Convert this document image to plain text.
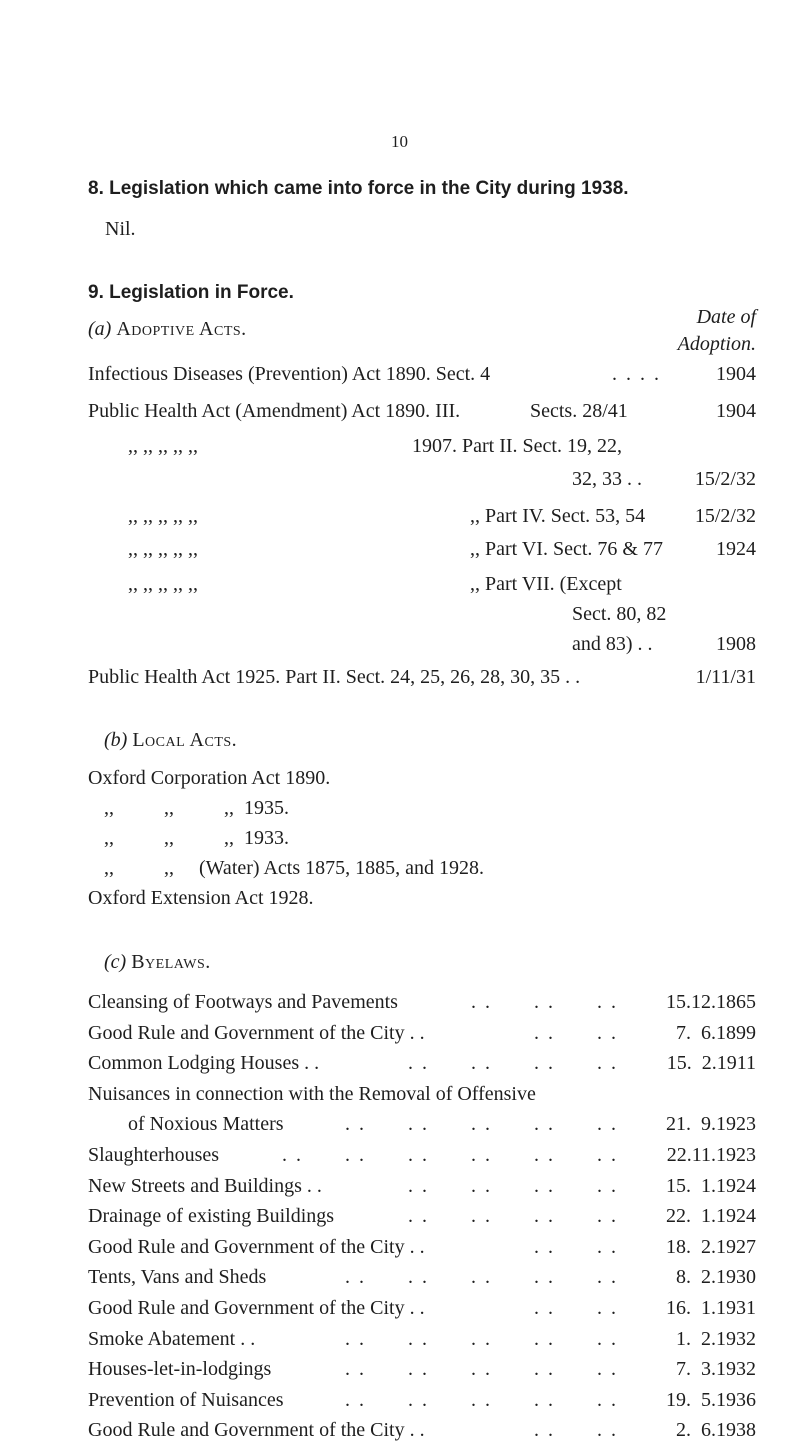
10
8. Legislation which came into force in the City during 1938.
Nil.
9. Legislation in Force.
(a) Adoptive Acts.
Date of
Adoption.
Infectious Diseases (Prevention) Act 1890. Sect. 4	. . . .	1904
Public Health Act (Amendment) Act 1890. III.	Sects. 28/41	1904
,, ,, ,, ,, ,,	1907. Part II. Sect. 19, 22,
32, 33 . .	15/2/32
,, ,, ,, ,, ,,	,, Part IV. Sect. 53, 54 15/2/32
,, ,, ,, ,, ,,	,, Part VI. Sect. 76 & 77	1924
,, ,, ,, ,, ,,	,, Part VII. (Except
Sect. 80, 82
and 83) . .	1908
Public Health Act 1925. Part II. Sect. 24, 25, 26, 28, 30, 35 . .	1/11/31
(b) Local Acts.
Oxford Corporation Act 1890.
,,          ,,          ,,  1935.
,,          ,,          ,,  1933.
,,          ,,     (Water) Acts 1875, 1885, and 1928.
Oxford Extension Act 1928.
(c) Byelaws.
Cleansing of Footways and Pavements	. .      . .      . . 15.12.1865
Good Rule and Government of the City . .	. .      . .	7.  6.1899
Common Lodging Houses . .	. .      . .      . .      . . 15.  2.1911
Nuisances in connection with the Removal of Offensive
of Noxious Matters	. .      . .      . .      . .      . . 21.  9.1923
Slaughterhouses	. .      . .      . .      . .      . .      . . 22.11.1923
New Streets and Buildings . .	. .      . .      . .      . . 15.  1.1924
Drainage of existing Buildings	. .      . .      . .      . . 22.  1.1924
Good Rule and Government of the City . .	. .      . . 18.  2.1927
Tents, Vans and Sheds	. .      . .      . .      . .      . .	8.  2.1930
Good Rule and Government of the City . .	. .      . . 16.  1.1931
Smoke Abatement . .	. .      . .      . .      . .      . .	1.  2.1932
Houses-let-in-lodgings	. .      . .      . .      . .      . .	7.  3.1932
Prevention of Nuisances	. .      . .      . .      . .      . . 19.  5.1936
Good Rule and Government of the City . .	. .      . .	2.  6.1938
